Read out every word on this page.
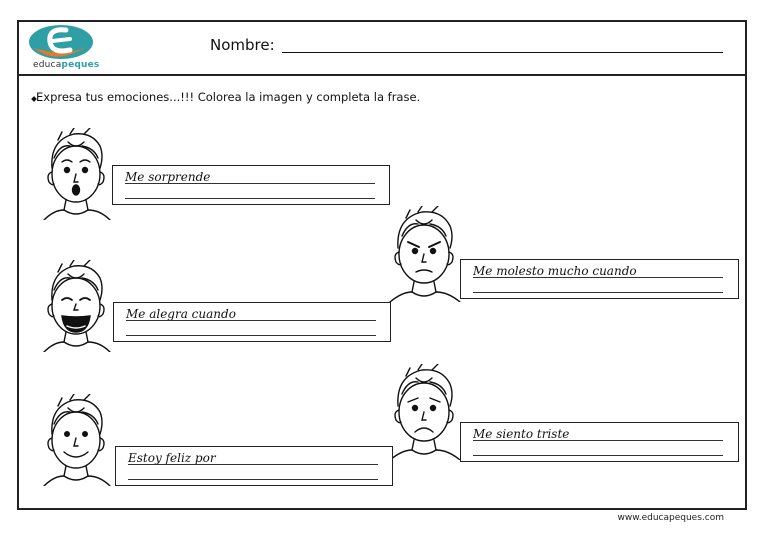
educapeques
Nombre:
Expresa tus emociones...!!! Colorea la imagen y completa la frase.
Me sorprende
Me molesto mucho cuando
Me alegra cuando
Me siento triste
Estoy feliz por
www.educapeques.com
